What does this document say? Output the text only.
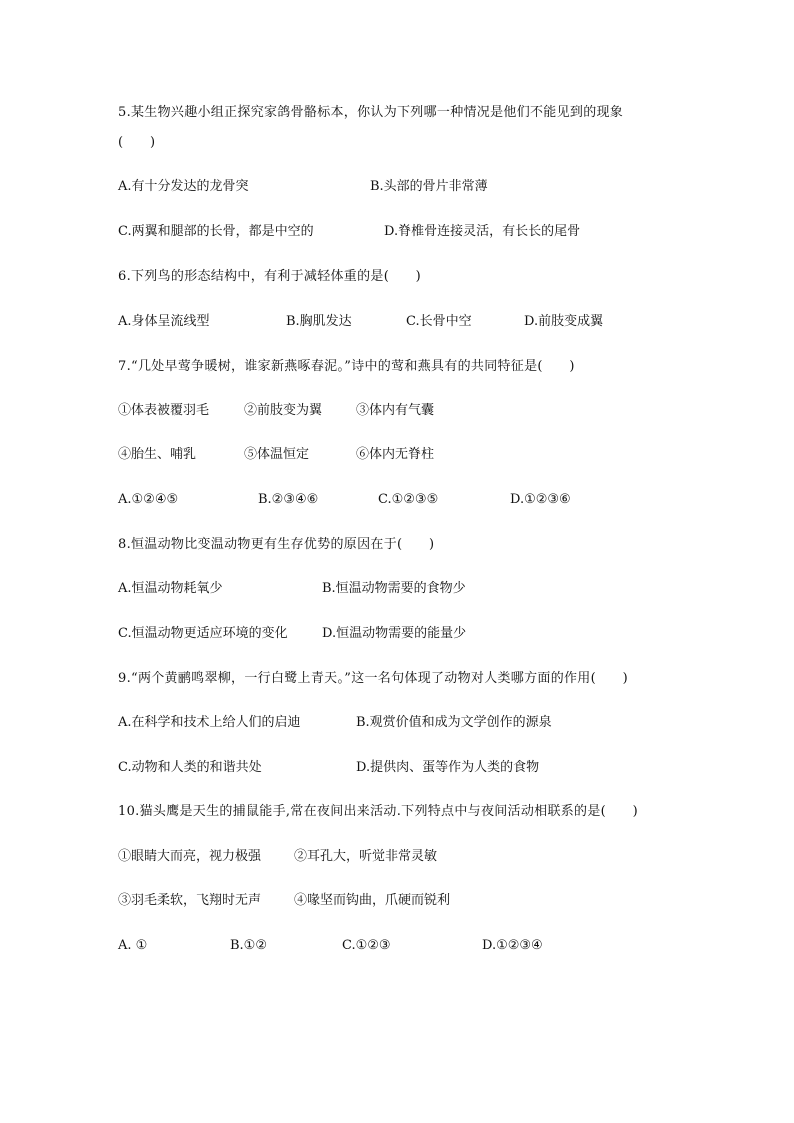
5.某生物兴趣小组正探究家鸽骨骼标本，你认为下列哪一种情况是他们不能见到的现象
(　　)
A.有十分发达的龙骨突	B.头部的骨片非常薄
C.两翼和腿部的长骨，都是中空的	D.脊椎骨连接灵活，有长长的尾骨
6.下列鸟的形态结构中，有利于减轻体重的是(　　)
A.身体呈流线型	B.胸肌发达	C.长骨中空	D.前肢变成翼
7.“几处早莺争暖树，谁家新燕啄春泥。”诗中的莺和燕具有的共同特征是(　　)
①体表被覆羽毛	②前肢变为翼	③体内有气囊
④胎生、哺乳	⑤体温恒定	⑥体内无脊柱
A.①②④⑤	B.②③④⑥	C.①②③⑤	D.①②③⑥
8.恒温动物比变温动物更有生存优势的原因在于(　　)
A.恒温动物耗氧少	B.恒温动物需要的食物少
C.恒温动物更适应环境的变化	D.恒温动物需要的能量少
9.“两个黄鹂鸣翠柳，一行白鹭上青天。”这一名句体现了动物对人类哪方面的作用(　　)
A.在科学和技术上给人们的启迪	B.观赏价值和成为文学创作的源泉
C.动物和人类的和谐共处	D.提供肉、蛋等作为人类的食物
10.猫头鹰是天生的捕鼠能手,常在夜间出来活动.下列特点中与夜间活动相联系的是(　　)
①眼睛大而亮，视力极强	②耳孔大，听觉非常灵敏
③羽毛柔软，飞翔时无声	④喙坚而钩曲，爪硬而锐利
A. ①	B.①②	C.①②③	D.①②③④
